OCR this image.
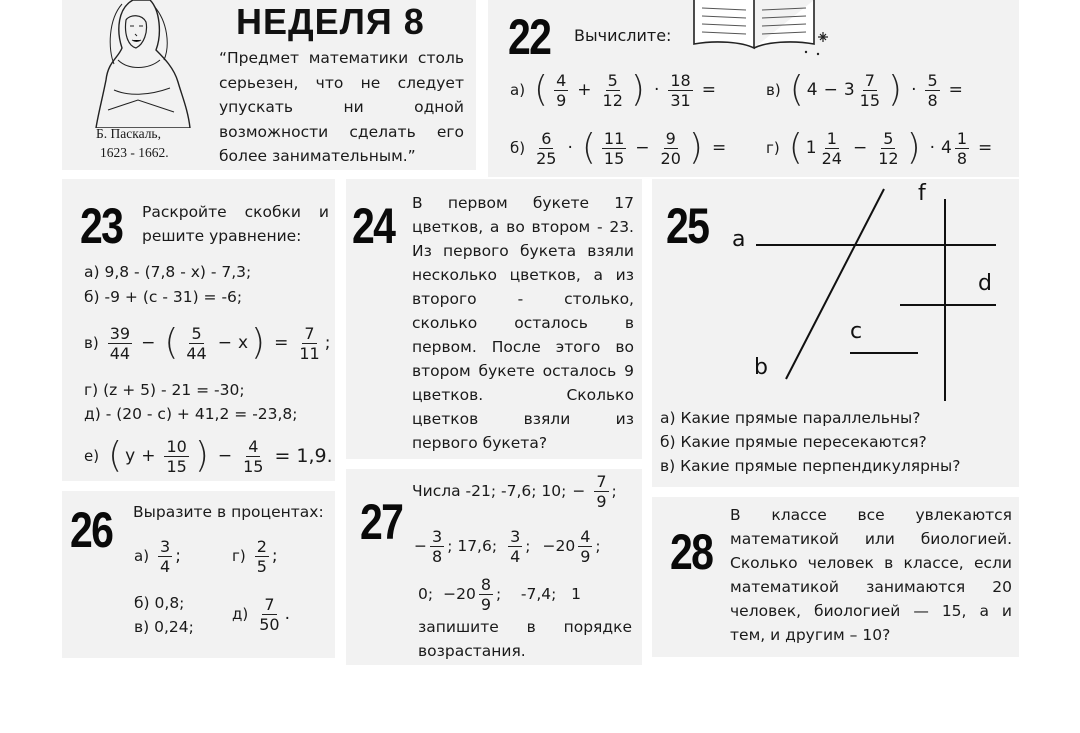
Б. Паскаль,
1623 - 1662.
НЕДЕЛЯ 8
“Предмет математики столь
серьезен, что не следует
упускать ни одной
возможности сделать его
более занимательным.”
22 Вычислите:
а) ( $\frac{4}{9} + \frac{5}{12}$ ) · $\frac{18}{31}$ =
$б) \frac{6}{25}$ · ( $\frac{11}{15} - \frac{9}{20}$ ) =
в) ( $4 - 3 \frac{7}{15}$ ) · $\frac{5}{8}$ =
г) ( $1 \frac{1}{24} - \frac{5}{12}$ ) · $4 \frac{1}{8}$ =
23 Раскройте скобки и
решите уравнение:
а) 9,8 - (7,8 - x) - 7,3;
б) -9 + (c - 31) = -6;
$в) \frac{39}{44}$ − ( $\frac{5}{44} - x$ ) = $\frac{7}{11}$ ;
г) (z + 5) - 21 = -30;
д) - (20 - c) + 41,2 = -23,8;
е) ( $y + \frac{10}{15}$ ) − $\frac{4}{15} = 1,9$.
24 В первом букете 17
цветков, а во втором - 23.
Из первого букета взяли
несколько цветков, а из
второго - столько,
сколько осталось в
первом. После этого во
втором букете осталось 9
цветков. Сколько
цветков взяли из
первого букета?
25 a
f
d
c
b
а) Какие прямые параллельны?
б) Какие прямые пересекаются?
в) Какие прямые перпендикулярны?
26 Выразите в процентах:
$а) \frac{3}{4}$ ;	$г) \frac{2}{5}$ ;
б) 0,8;
в) 0,24;
$д) \frac{7}{50}$ .
27
Числа -21; -7,6; 10; − $\frac{7}{9}$ ;
− $\frac{3}{8}$ ; 17,6; $\frac{3}{4}$ ; $-20 \frac{4}{9}$ ;
0; $-20 \frac{8}{9}$ ;    -7,4;   1
запишите в порядке
возрастания.
28
В классе все увлекаются
математикой или биологией.
Сколько человек в классе, если
математикой занимаются 20
человек, биологией — 15, а и
тем, и другим – 10?
